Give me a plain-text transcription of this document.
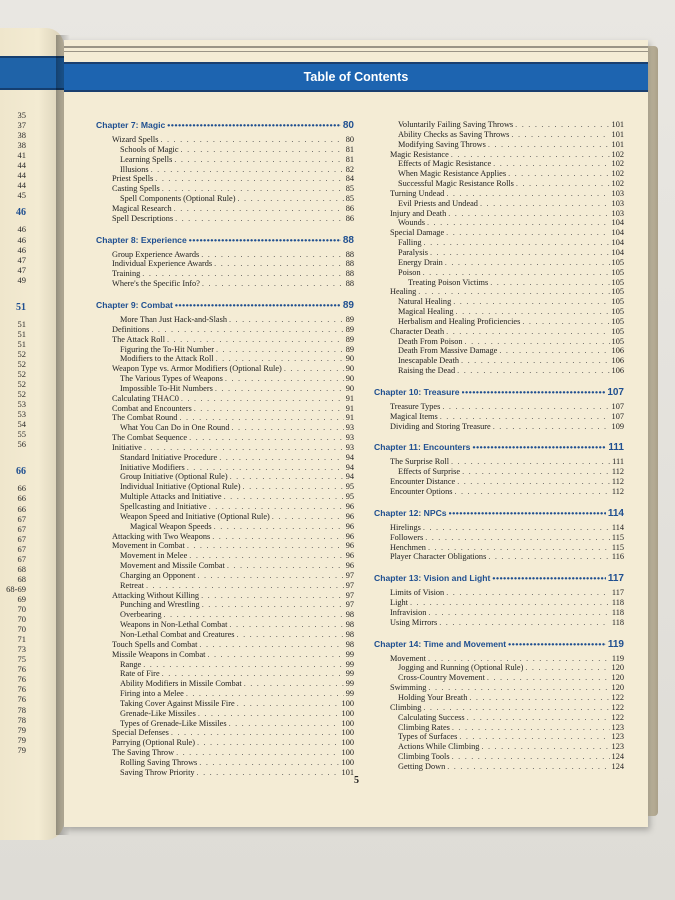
35
37
38
38
41
44
44
44
45
46
46
46
46
47
47
49
51
51
51
51
52
52
52
52
52
53
53
54
55
56
66
66
66
66
67
67
67
67
67
68
68
68-69
69
70
70
70
71
73
75
76
76
76
76
78
78
79
79
79
Table of Contents
Chapter 7: Magic •••••	80
Wizard Spells . . .	80
Schools of Magic . . .	81
Learning Spells . . .	81
Illusions . . .	82
Priest Spells . . .	84
Casting Spells . . .	85
Spell Components (Optional Rule) . . .	85
Magical Research . . .	86
Spell Descriptions . . .	86
Chapter 8: Experience •••••	88
Group Experience Awards . . .	88
Individual Experience Awards . . .	88
Training . . .	88
Where's the Specific Info? . . .	88
Chapter 9: Combat •••••	89
More Than Just Hack-and-Slash . . .	89
Definitions . . .	89
The Attack Roll . . .	89
Figuring the To-Hit Number . . .	89
Modifiers to the Attack Roll . . .	90
Weapon Type vs. Armor Modifiers (Optional Rule) . . .	90
The Various Types of Weapons . . .	90
Impossible To-Hit Numbers . . .	90
Calculating THAC0 . . .	91
Combat and Encounters . . .	91
The Combat Round . . .	91
What You Can Do in One Round . . .	93
The Combat Sequence . . .	93
Initiative . . .	93
Standard Initiative Procedure . . .	94
Initiative Modifiers . . .	94
Group Initiative (Optional Rule) . . .	94
Individual Initiative (Optional Rule) . . .	95
Multiple Attacks and Initiative . . .	95
Spellcasting and Initiative . . .	96
Weapon Speed and Initiative (Optional Rule) . . .	96
Magical Weapon Speeds . . .	96
Attacking with Two Weapons . . .	96
Movement in Combat . . .	96
Movement in Melee . . .	96
Movement and Missile Combat . . .	96
Charging an Opponent . . .	97
Retreat . . .	97
Attacking Without Killing . . .	97
Punching and Wrestling . . .	97
Overbearing . . .	98
Weapons in Non-Lethal Combat . . .	98
Non-Lethal Combat and Creatures . . .	98
Touch Spells and Combat . . .	98
Missile Weapons in Combat . . .	99
Range . . .	99
Rate of Fire . . .	99
Ability Modifiers in Missile Combat . . .	99
Firing into a Melee . . .	99
Taking Cover Against Missile Fire . . .	100
Grenade-Like Missiles . . .	100
Types of Grenade-Like Missiles . . .	100
Special Defenses . . .	100
Parrying (Optional Rule) . . .	100
The Saving Throw . . .	100
Rolling Saving Throws . . .	100
Saving Throw Priority . . .	101
Voluntarily Failing Saving Throws . . .	101
Ability Checks as Saving Throws . . .	101
Modifying Saving Throws . . .	101
Magic Resistance . . .	102
Effects of Magic Resistance . . .	102
When Magic Resistance Applies . . .	102
Successful Magic Resistance Rolls . . .	102
Turning Undead . . .	103
Evil Priests and Undead . . .	103
Injury and Death . . .	103
Wounds . . .	104
Special Damage . . .	104
Falling . . .	104
Paralysis . . .	104
Energy Drain . . .	105
Poison . . .	105
Treating Poison Victims . . .	105
Healing . . .	105
Natural Healing . . .	105
Magical Healing . . .	105
Herbalism and Healing Proficiencies . . .	105
Character Death . . .	105
Death From Poison . . .	105
Death From Massive Damage . . .	106
Inescapable Death . . .	106
Raising the Dead . . .	106
Chapter 10: Treasure •••••	107
Treasure Types . . .	107
Magical Items . . .	107
Dividing and Storing Treasure . . .	109
Chapter 11: Encounters •••••	111
The Surprise Roll . . .	111
Effects of Surprise . . .	112
Encounter Distance . . .	112
Encounter Options . . .	112
Chapter 12: NPCs •••••	114
Hirelings . . .	114
Followers . . .	115
Henchmen . . .	115
Player Character Obligations . . .	116
Chapter 13: Vision and Light •••••	117
Limits of Vision . . .	117
Light . . .	118
Infravision . . .	118
Using Mirrors . . .	118
Chapter 14: Time and Movement •••••	119
Movement . . .	119
Jogging and Running (Optional Rule) . . .	120
Cross-Country Movement . . .	120
Swimming . . .	120
Holding Your Breath . . .	122
Climbing . . .	122
Calculating Success . . .	122
Climbing Rates . . .	123
Types of Surfaces . . .	123
Actions While Climbing . . .	123
Climbing Tools . . .	124
Getting Down . . .	124
5
